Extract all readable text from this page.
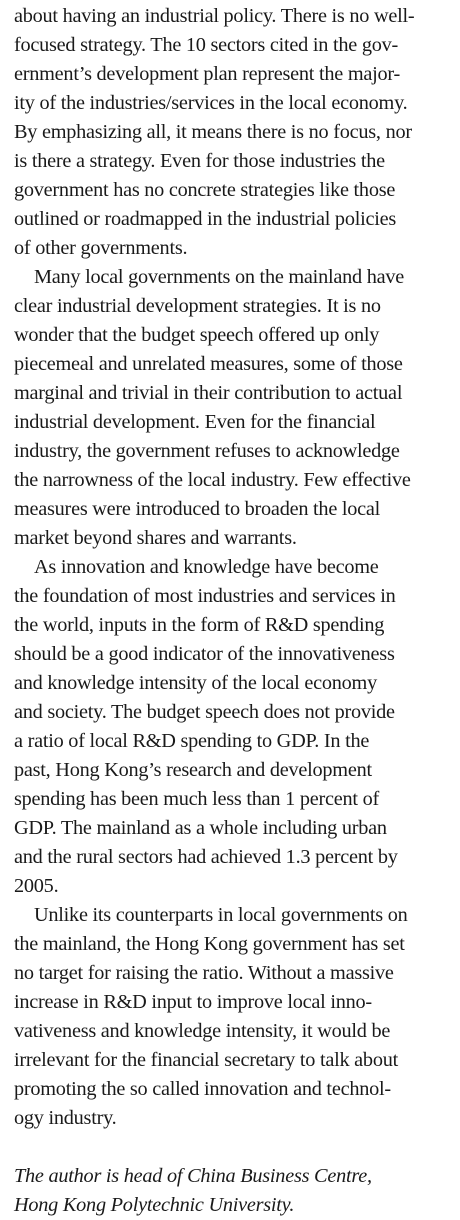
about having an industrial policy. There is no well-
focused strategy. The 10 sectors cited in the gov-
ernment’s development plan represent the major-
ity of the industries/services in the local economy.
By emphasizing all, it means there is no focus, nor
is there a strategy. Even for those industries the
government has no concrete strategies like those
outlined or roadmapped in the industrial policies
of other governments.

Many local governments on the mainland have
clear industrial development strategies. It is no
wonder that the budget speech offered up only
piecemeal and unrelated measures, some of those
marginal and trivial in their contribution to actual
industrial development. Even for the financial
industry, the government refuses to acknowledge
the narrowness of the local industry. Few effective
measures were introduced to broaden the local
market beyond shares and warrants.

As innovation and knowledge have become
the foundation of most industries and services in
the world, inputs in the form of R&D spending
should be a good indicator of the innovativeness
and knowledge intensity of the local economy
and society. The budget speech does not provide
a ratio of local R&D spending to GDP. In the
past, Hong Kong’s research and development
spending has been much less than 1 percent of
GDP. The mainland as a whole including urban
and the rural sectors had achieved 1.3 percent by
2005.

Unlike its counterparts in local governments on
the mainland, the Hong Kong government has set
no target for raising the ratio. Without a massive
increase in R&D input to improve local inno-
vativeness and knowledge intensity, it would be
irrelevant for the financial secretary to talk about
promoting the so called innovation and technol-
ogy industry.

The author is head of China Business Centre,
Hong Kong Polytechnic University.
